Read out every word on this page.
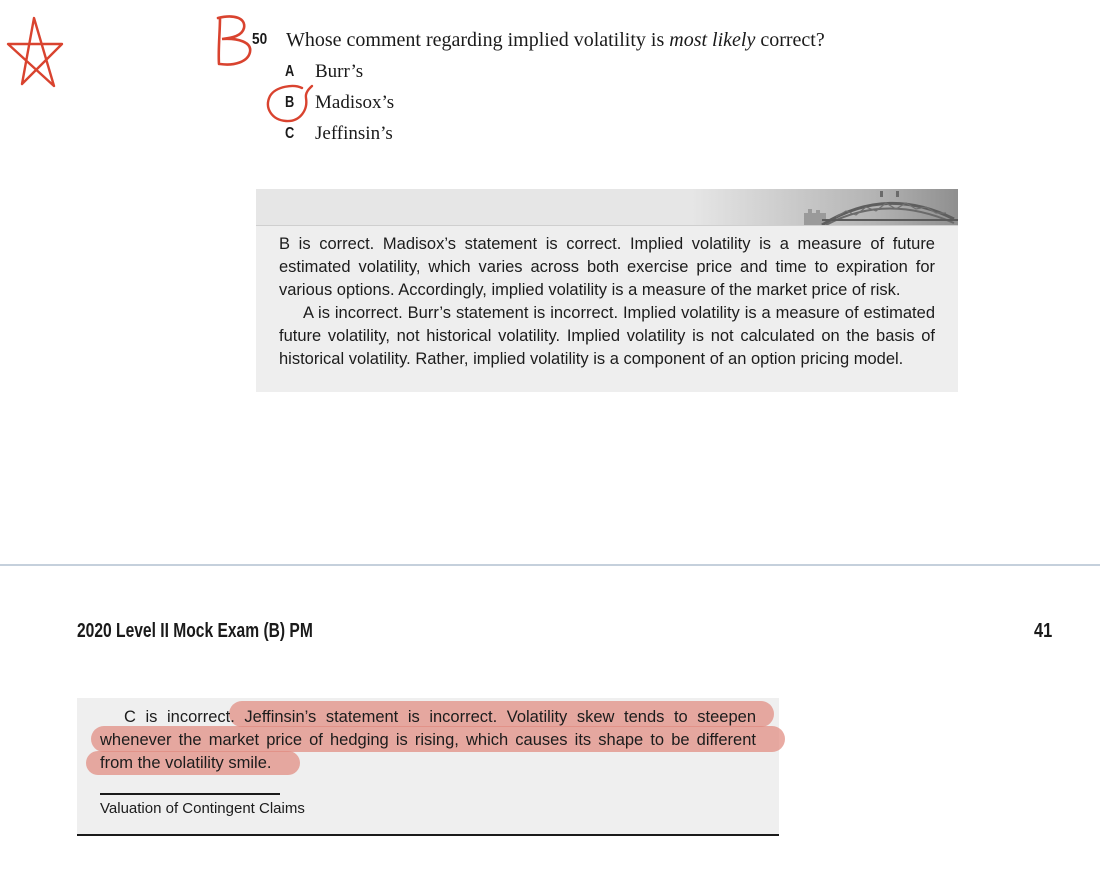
50 Whose comment regarding implied volatility is most likely correct?
A Burr’s
B Madisox’s
C Jeffinsin’s

B is correct. Madisox’s statement is correct. Implied volatility is a measure of future estimated volatility, which varies across both exercise price and time to expiration for various options. Accordingly, implied volatility is a measure of the market price of risk.

A is incorrect. Burr’s statement is incorrect. Implied volatility is a measure of estimated future volatility, not historical volatility. Implied volatility is not calculated on the basis of historical volatility. Rather, implied volatility is a component of an option pricing model.

2020 Level II Mock Exam (B) PM	41

C is incorrect. Jeffinsin’s statement is incorrect. Volatility skew tends to steepen whenever the market price of hedging is rising, which causes its shape to be different from the volatility smile.

Valuation of Contingent Claims
